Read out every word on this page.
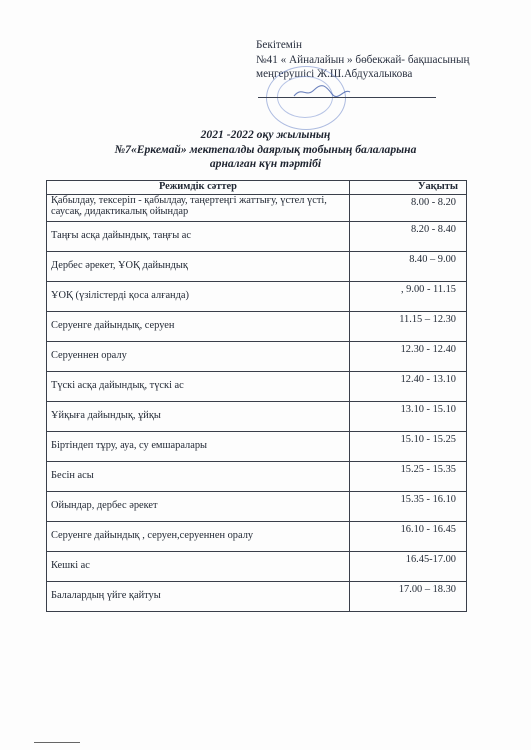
Бекітемін
№41 « Айналайын » бөбекжай- бақшасының
меңгерушісі Ж.Ш.Абдухалыкова
2021 -2022 оқу жылының
№7«Еркемай» мектепалды даярлық тобының балаларына
арналған күн тәртібі
Режимдік сәттер	Уақыты
Қабылдау, тексеріп - қабылдау, таңертеңгі жаттығу, үстел үсті, саусақ, дидактикалық ойындар	8.00 - 8.20
Таңғы асқа дайындық, таңғы ас	8.20 - 8.40
Дербес әрекет, ҰОҚ дайындық	8.40 – 9.00
ҰОҚ (үзілістерді қоса алғанда)	, 9.00 - 11.15
Серуенге дайындық, серуен	11.15 – 12.30
Серуеннен оралу	12.30 - 12.40
Түскі асқа дайындық, түскі ас	12.40 - 13.10
Ұйқыға дайындық, ұйқы	13.10 - 15.10
Біртіндеп тұру, ауа, су емшаралары	15.10 - 15.25
Бесін асы	15.25 - 15.35
Ойындар, дербес әрекет	15.35 - 16.10
Серуенге дайындық , серуен,серуеннен оралу	16.10 - 16.45
Кешкі ас	16.45-17.00
Балалардың үйге қайтуы	17.00 – 18.30
